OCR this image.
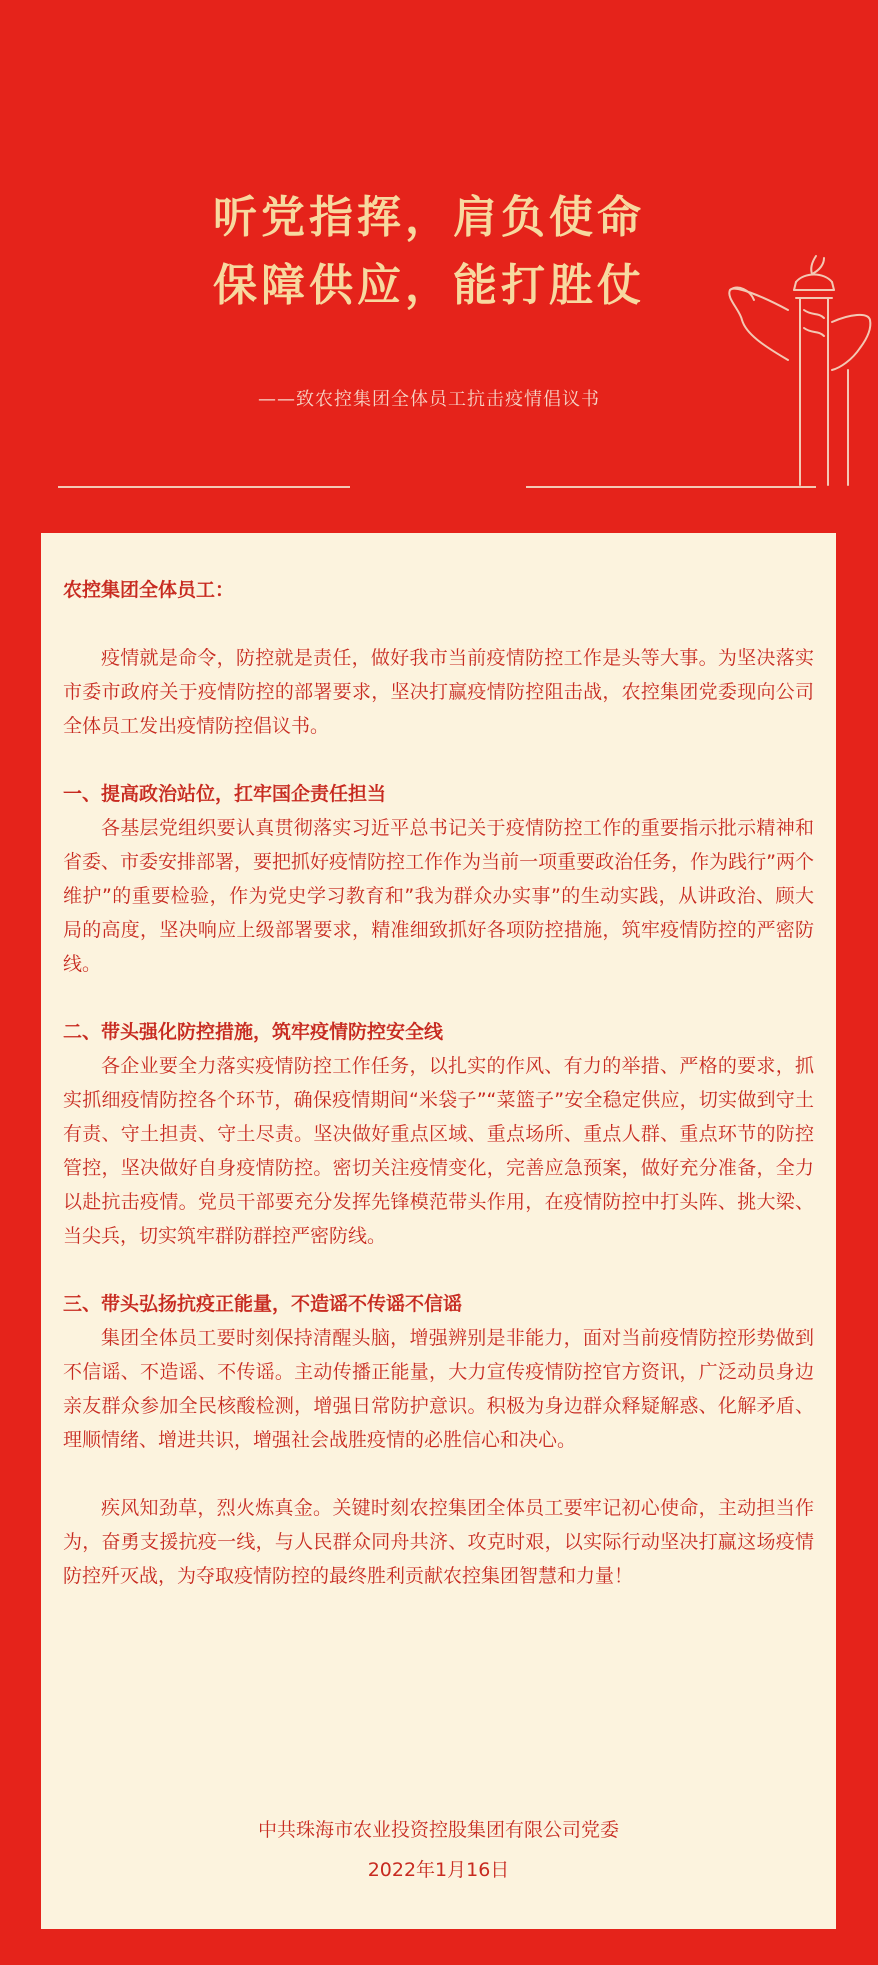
听党指挥，肩负使命
保障供应，能打胜仗
——致农控集团全体员工抗击疫情倡议书

农控集团全体员工：

疫情就是命令，防控就是责任，做好我市当前疫情防控工作是头等大事。为坚决落实市委市政府关于疫情防控的部署要求，坚决打赢疫情防控阻击战，农控集团党委现向公司全体员工发出疫情防控倡议书。

一、提高政治站位，扛牢国企责任担当

各基层党组织要认真贯彻落实习近平总书记关于疫情防控工作的重要指示批示精神和省委、市委安排部署，要把抓好疫情防控工作作为当前一项重要政治任务，作为践行”两个维护”的重要检验，作为党史学习教育和”我为群众办实事”的生动实践，从讲政治、顾大局的高度，坚决响应上级部署要求，精准细致抓好各项防控措施，筑牢疫情防控的严密防线。

二、带头强化防控措施，筑牢疫情防控安全线

各企业要全力落实疫情防控工作任务，以扎实的作风、有力的举措、严格的要求，抓实抓细疫情防控各个环节，确保疫情期间“米袋子”“菜篮子”安全稳定供应，切实做到守土有责、守土担责、守土尽责。坚决做好重点区域、重点场所、重点人群、重点环节的防控管控，坚决做好自身疫情防控。密切关注疫情变化，完善应急预案，做好充分准备，全力以赴抗击疫情。党员干部要充分发挥先锋模范带头作用，在疫情防控中打头阵、挑大梁、当尖兵，切实筑牢群防群控严密防线。

三、带头弘扬抗疫正能量，不造谣不传谣不信谣

集团全体员工要时刻保持清醒头脑，增强辨别是非能力，面对当前疫情防控形势做到不信谣、不造谣、不传谣。主动传播正能量，大力宣传疫情防控官方资讯，广泛动员身边亲友群众参加全民核酸检测，增强日常防护意识。积极为身边群众释疑解惑、化解矛盾、理顺情绪、增进共识，增强社会战胜疫情的必胜信心和决心。

疾风知劲草，烈火炼真金。关键时刻农控集团全体员工要牢记初心使命，主动担当作为，奋勇支援抗疫一线，与人民群众同舟共济、攻克时艰，以实际行动坚决打赢这场疫情防控歼灭战，为夺取疫情防控的最终胜利贡献农控集团智慧和力量！

中共珠海市农业投资控股集团有限公司党委
2022年1月16日
